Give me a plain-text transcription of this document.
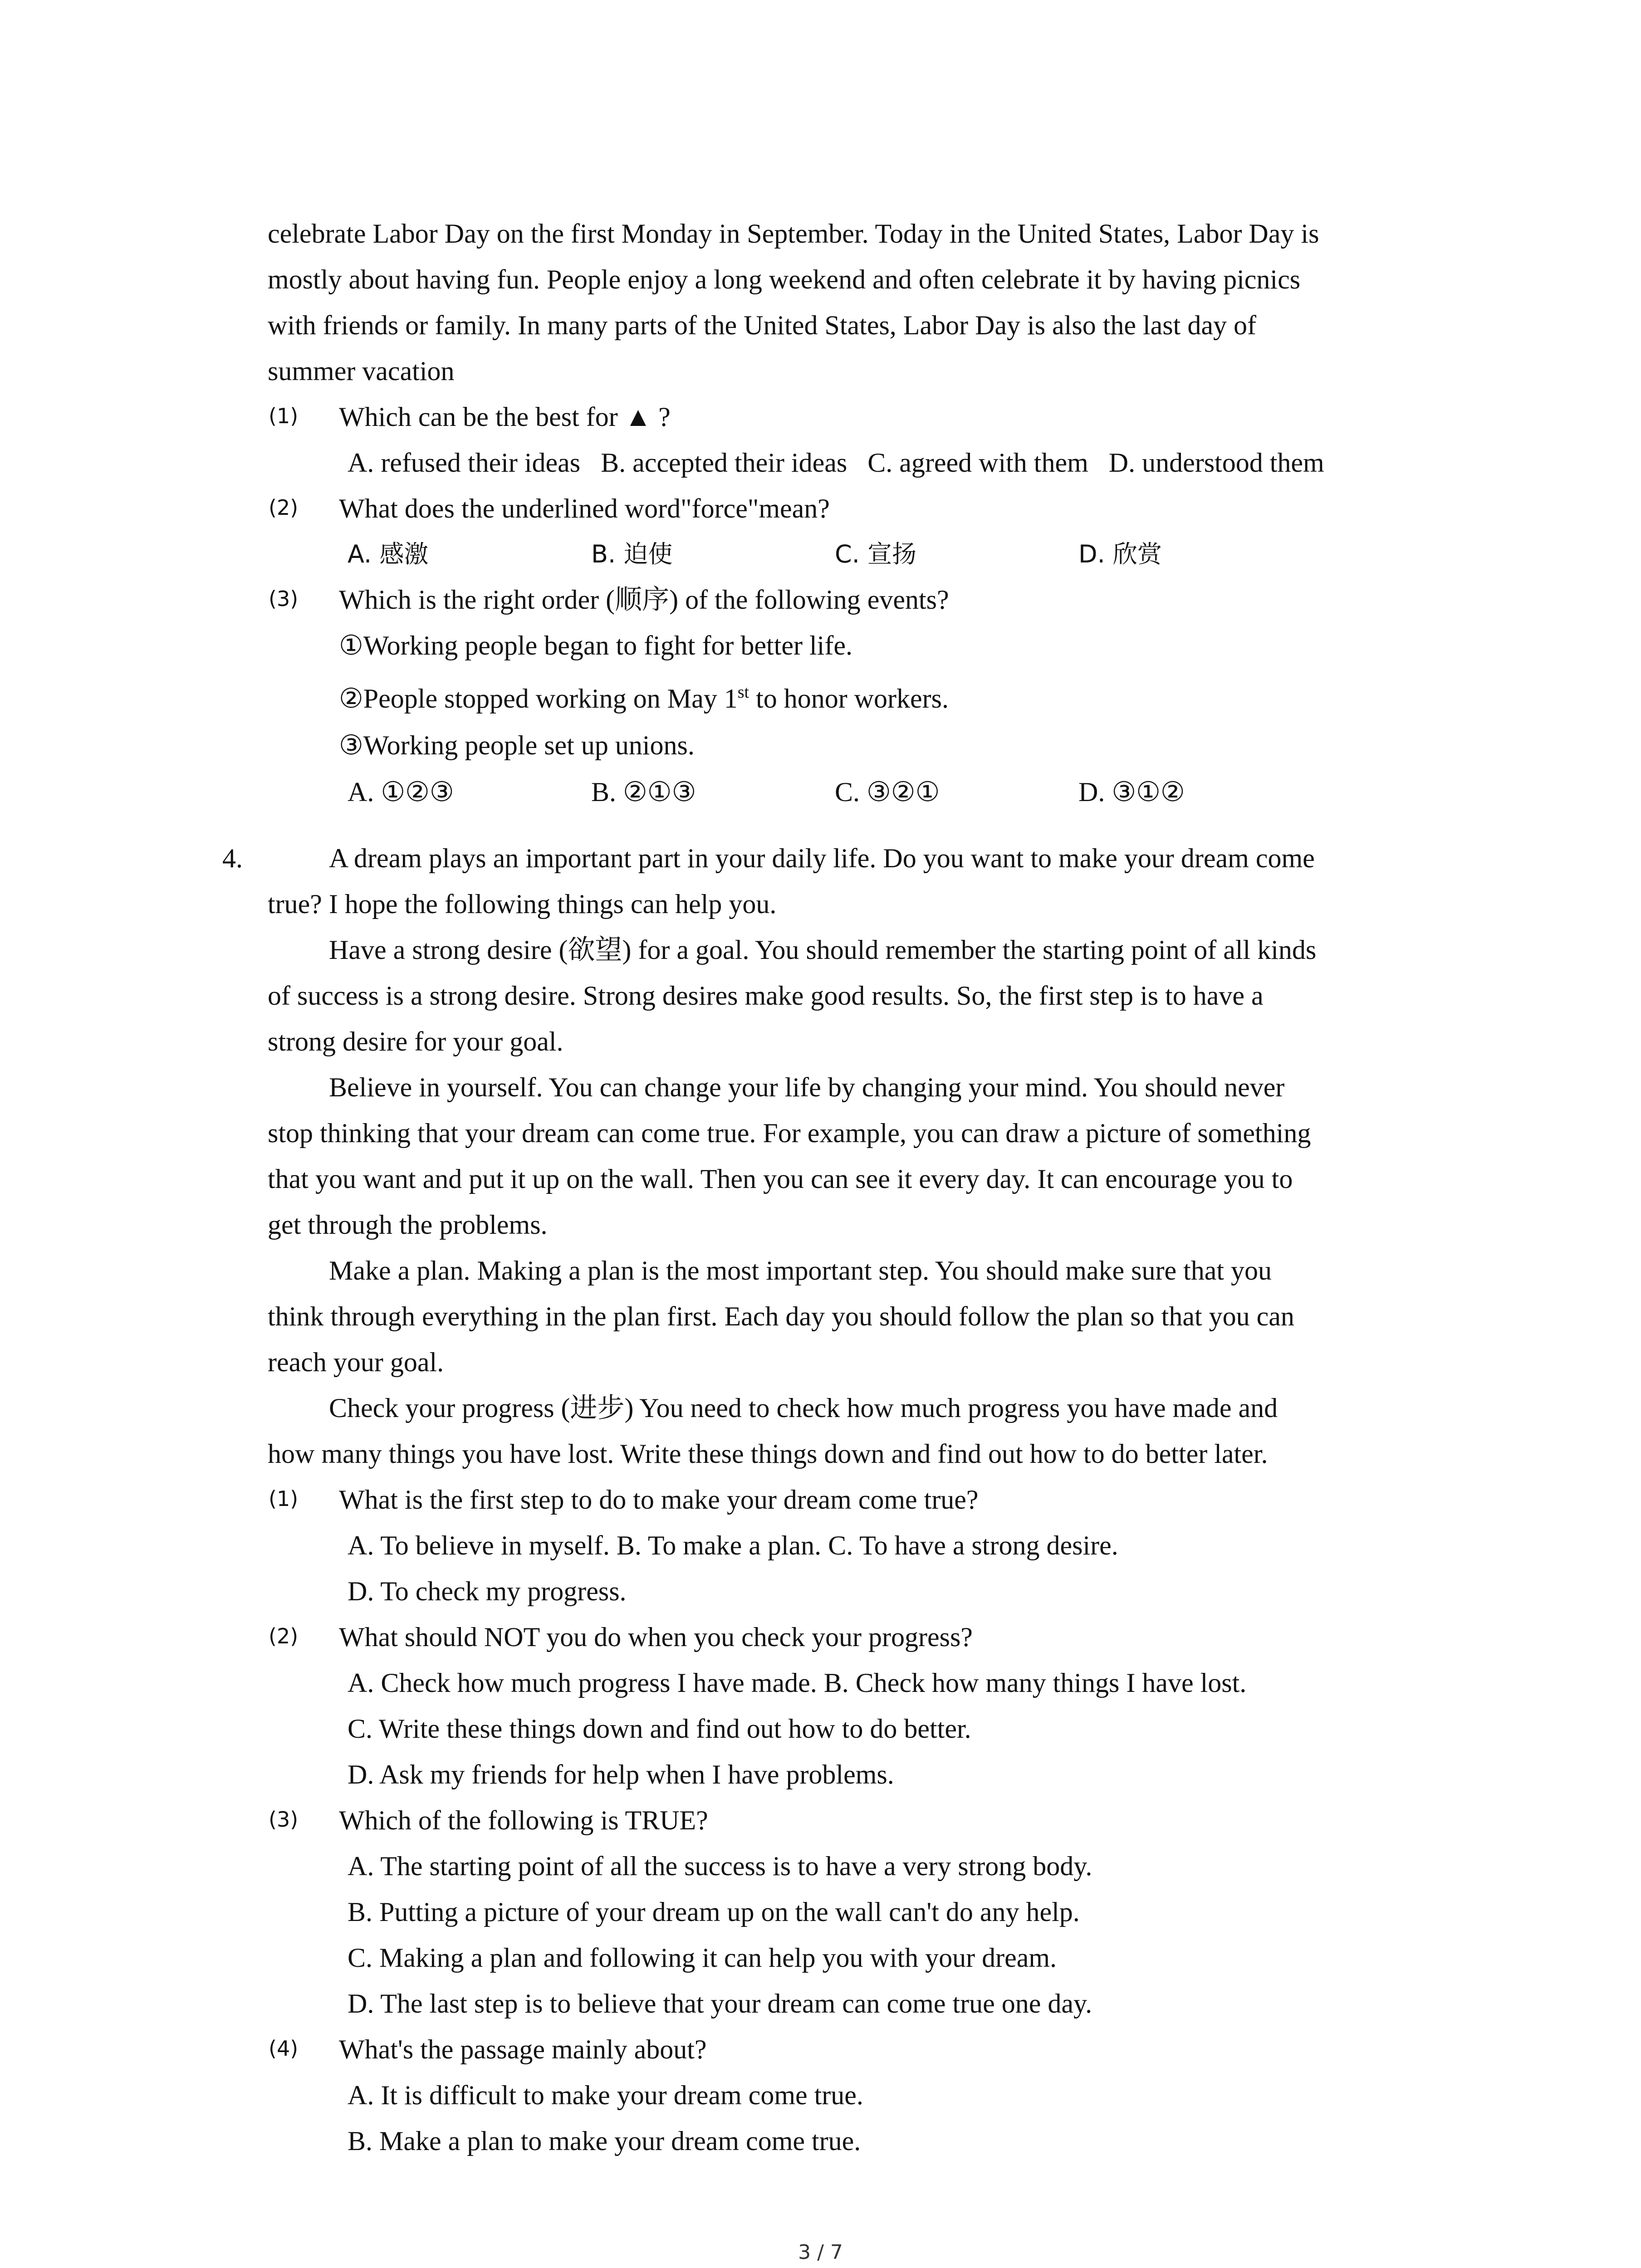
celebrate Labor Day on the first Monday in September. Today in the United States, Labor Day is
mostly about having fun. People enjoy a long weekend and often celebrate it by having picnics
with friends or family. In many parts of the United States, Labor Day is also the last day of
summer vacation
(1) Which can be the best for ▲ ?
A. refused their ideas B. accepted their ideas C. agreed with them D. understood them
(2) What does the underlined word"force"mean?
A. 感激	B. 迫使	C. 宣扬	D. 欣赏
(3) Which is the right order (顺序) of the following events?
①Working people began to fight for better life.
②People stopped working on May 1st to honor workers.
③Working people set up unions.
A. ①②③	B. ②①③	C. ③②①	D. ③①②
4.	A dream plays an important part in your daily life. Do you want to make your dream come
true? I hope the following things can help you.
Have a strong desire (欲望) for a goal. You should remember the starting point of all kinds
of success is a strong desire. Strong desires make good results. So, the first step is to have a
strong desire for your goal.
Believe in yourself. You can change your life by changing your mind. You should never
stop thinking that your dream can come true. For example, you can draw a picture of something
that you want and put it up on the wall. Then you can see it every day. It can encourage you to
get through the problems.
Make a plan. Making a plan is the most important step. You should make sure that you
think through everything in the plan first. Each day you should follow the plan so that you can
reach your goal.
Check your progress (进步) You need to check how much progress you have made and
how many things you have lost. Write these things down and find out how to do better later.
(1) What is the first step to do to make your dream come true?
A. To believe in myself. B. To make a plan. C. To have a strong desire.
D. To check my progress.
(2) What should NOT you do when you check your progress?
A. Check how much progress I have made. B. Check how many things I have lost.
C. Write these things down and find out how to do better.
D. Ask my friends for help when I have problems.
(3) Which of the following is TRUE?
A. The starting point of all the success is to have a very strong body.
B. Putting a picture of your dream up on the wall can't do any help.
C. Making a plan and following it can help you with your dream.
D. The last step is to believe that your dream can come true one day.
(4) What's the passage mainly about?
A. It is difficult to make your dream come true.
B. Make a plan to make your dream come true.
3 / 7
